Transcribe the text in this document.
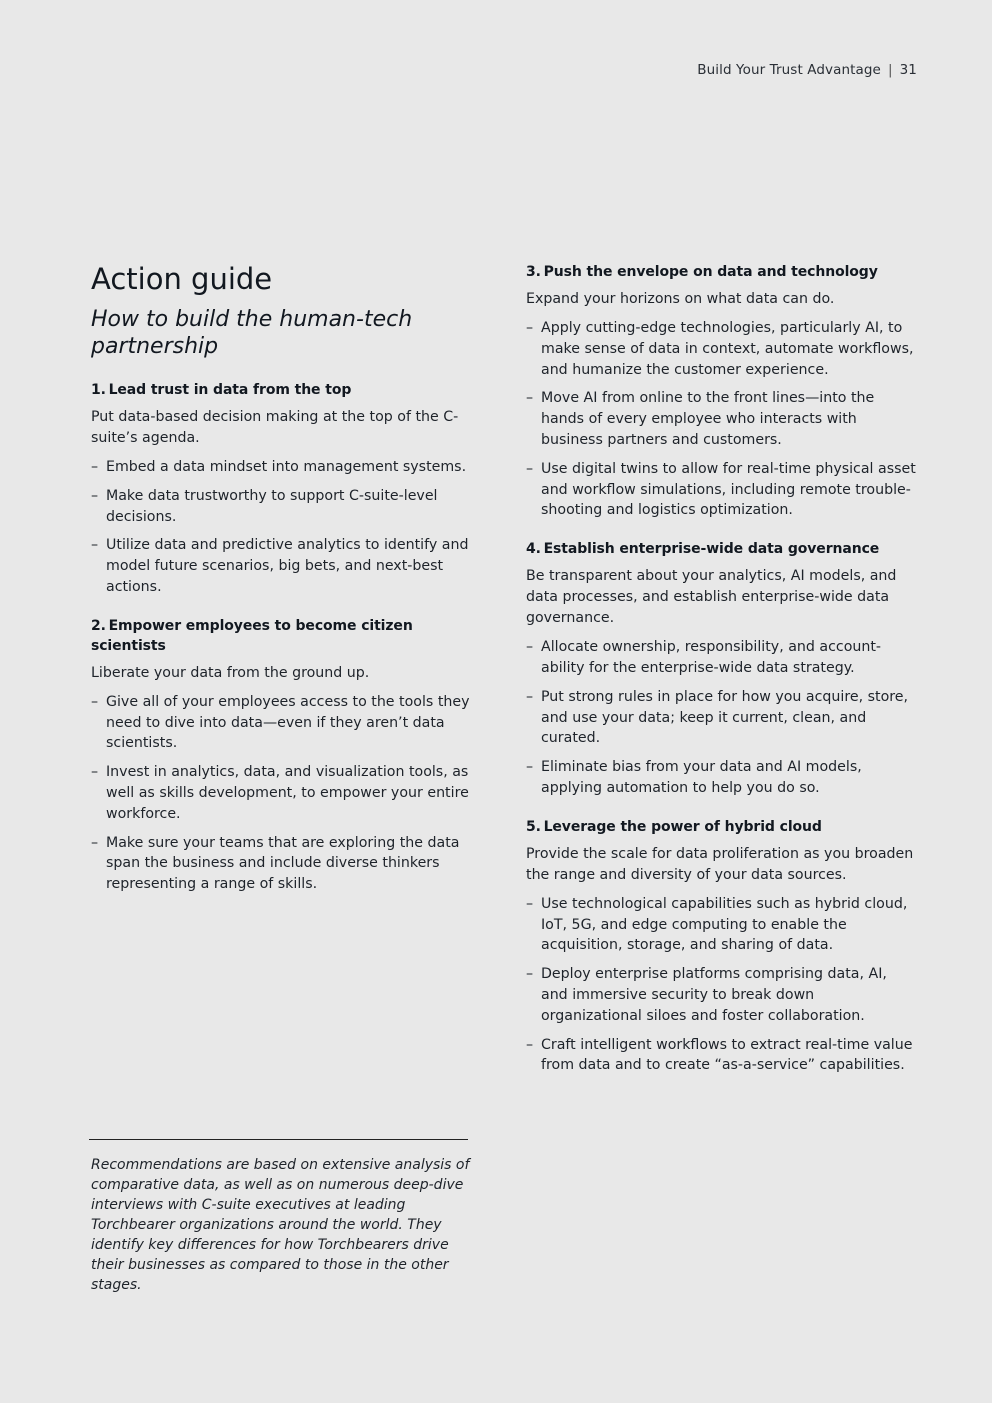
Build Your Trust Advantage | 31
Action guide
How to build the human-tech partnership
1.  Lead trust in data from the top

Put data-based decision making at the top of the C-suite’s agenda.

– Embed a data mindset into management systems.
– Make data trustworthy to support C-suite-level decisions.
– Utilize data and predictive analytics to identify and model future scenarios, big bets, and next-best actions.
2.  Empower employees to become citizen scientists

Liberate your data from the ground up.

– Give all of your employees access to the tools they need to dive into data—even if they aren’t data scientists.
– Invest in analytics, data, and visualization tools, as well as skills development, to empower your entire workforce.
– Make sure your teams that are exploring the data span the business and include diverse thinkers representing a range of skills.
3.  Push the envelope on data and technology

Expand your horizons on what data can do.

– Apply cutting-edge technologies, particularly AI, to make sense of data in context, automate workflows, and humanize the customer experience.
– Move AI from online to the front lines—into the hands of every employee who interacts with business partners and customers.
– Use digital twins to allow for real-time physical asset and workflow simulations, including remote trouble-shooting and logistics optimization.
4.  Establish enterprise-wide data governance

Be transparent about your analytics, AI models, and data processes, and establish enterprise-wide data governance.

– Allocate ownership, responsibility, and account-ability for the enterprise-wide data strategy.
– Put strong rules in place for how you acquire, store, and use your data; keep it current, clean, and curated.
– Eliminate bias from your data and AI models, applying automation to help you do so.
5.  Leverage the power of hybrid cloud

Provide the scale for data proliferation as you broaden the range and diversity of your data sources.

– Use technological capabilities such as hybrid cloud, IoT, 5G, and edge computing to enable the acquisition, storage, and sharing of data.
– Deploy enterprise platforms comprising data, AI, and immersive security to break down organizational siloes and foster collaboration.
– Craft intelligent workflows to extract real-time value from data and to create “as-a-service” capabilities.
Recommendations are based on extensive analysis of comparative data, as well as on numerous deep-dive interviews with C-suite executives at leading Torchbearer organizations around the world. They identify key differences for how Torchbearers drive their businesses as compared to those in the other stages.
